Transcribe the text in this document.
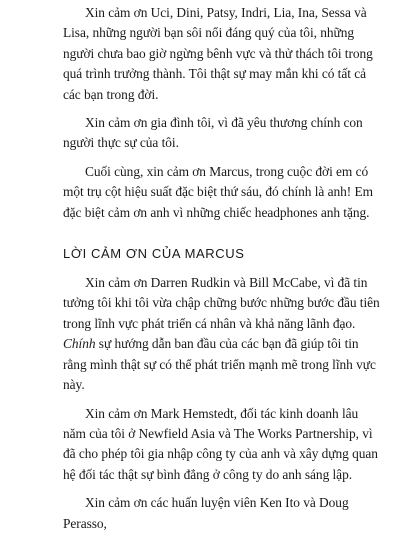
Xin cảm ơn Uci, Dini, Patsy, Indri, Lia, Ina, Sessa và Lisa, những người bạn sôi nổi đáng quý của tôi, những người chưa bao giờ ngừng bênh vực và thử thách tôi trong quá trình trưởng thành. Tôi thật sự may mắn khi có tất cả các bạn trong đời.

Xin cảm ơn gia đình tôi, vì đã yêu thương chính con người thực sự của tôi.

Cuối cùng, xin cảm ơn Marcus, trong cuộc đời em có một trụ cột hiệu suất đặc biệt thứ sáu, đó chính là anh! Em đặc biệt cảm ơn anh vì những chiếc headphones anh tặng.

LỜI CẢM ƠN CỦA MARCUS

Xin cảm ơn Darren Rudkin và Bill McCabe, vì đã tin tưởng tôi khi tôi vừa chập chững bước những bước đầu tiên trong lĩnh vực phát triển cá nhân và khả năng lãnh đạo. Chính sự hướng dẫn ban đầu của các bạn đã giúp tôi tin rằng mình thật sự có thể phát triển mạnh mẽ trong lĩnh vực này.

Xin cảm ơn Mark Hemstedt, đối tác kinh doanh lâu năm của tôi ở Newfield Asia và The Works Partnership, vì đã cho phép tôi gia nhập công ty của anh và xây dựng quan hệ đối tác thật sự bình đẳng ở công ty do anh sáng lập.

Xin cảm ơn các huấn luyện viên Ken Ito và Doug Perasso,
